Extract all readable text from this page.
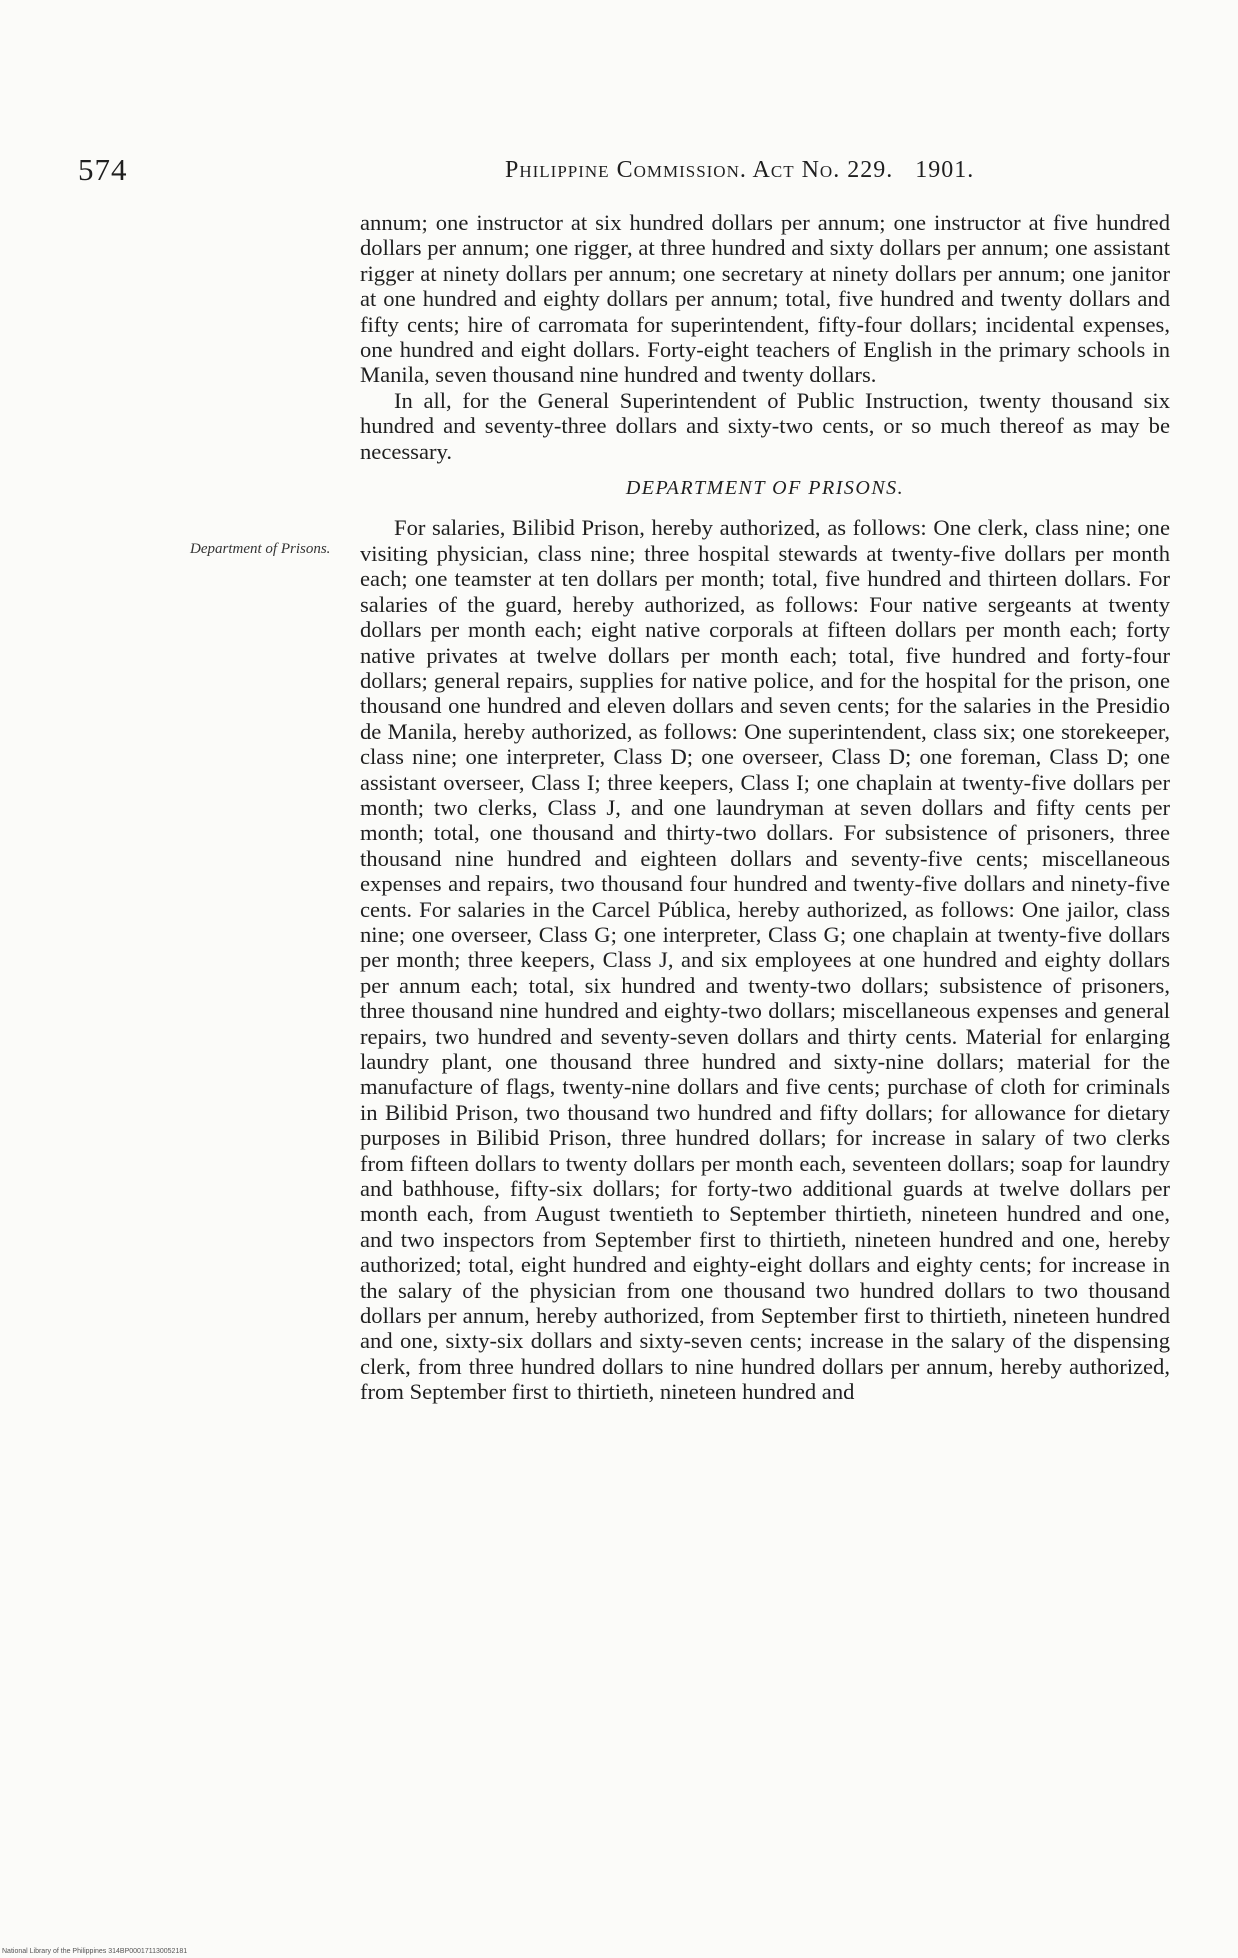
574	Philippine Commission. Act No. 229. 1901.
Department of Prisons.

annum; one instructor at six hundred dollars per annum; one instructor at five hundred dollars per annum; one rigger, at three hundred and sixty dollars per annum; one assistant rigger at ninety dollars per annum; one secretary at ninety dollars per annum; one janitor at one hundred and eighty dollars per annum; total, five hundred and twenty dollars and fifty cents; hire of carromata for superintendent, fifty-four dollars; incidental expenses, one hundred and eight dollars. Forty-eight teachers of English in the primary schools in Manila, seven thousand nine hundred and twenty dollars.

In all, for the General Superintendent of Public Instruction, twenty thousand six hundred and seventy-three dollars and sixty-two cents, or so much thereof as may be necessary.

DEPARTMENT OF PRISONS.

For salaries, Bilibid Prison, hereby authorized, as follows: One clerk, class nine; one visiting physician, class nine; three hospital stewards at twenty-five dollars per month each; one teamster at ten dollars per month; total, five hundred and thirteen dollars. For salaries of the guard, hereby authorized, as follows: Four native sergeants at twenty dollars per month each; eight native corporals at fifteen dollars per month each; forty native privates at twelve dollars per month each; total, five hundred and forty-four dollars; general repairs, supplies for native police, and for the hospital for the prison, one thousand one hundred and eleven dollars and seven cents; for the salaries in the Presidio de Manila, hereby authorized, as follows: One superintendent, class six; one storekeeper, class nine; one interpreter, Class D; one overseer, Class D; one foreman, Class D; one assistant overseer, Class I; three keepers, Class I; one chaplain at twenty-five dollars per month; two clerks, Class J, and one laundryman at seven dollars and fifty cents per month; total, one thousand and thirty-two dollars. For subsistence of prisoners, three thousand nine hundred and eighteen dollars and seventy-five cents; miscellaneous expenses and repairs, two thousand four hundred and twenty-five dollars and ninety-five cents. For salaries in the Carcel Pública, hereby authorized, as follows: One jailor, class nine; one overseer, Class G; one interpreter, Class G; one chaplain at twenty-five dollars per month; three keepers, Class J, and six employees at one hundred and eighty dollars per annum each; total, six hundred and twenty-two dollars; subsistence of prisoners, three thousand nine hundred and eighty-two dollars; miscellaneous expenses and general repairs, two hundred and seventy-seven dollars and thirty cents. Material for enlarging laundry plant, one thousand three hundred and sixty-nine dollars; material for the manufacture of flags, twenty-nine dollars and five cents; purchase of cloth for criminals in Bilibid Prison, two thousand two hundred and fifty dollars; for allowance for dietary purposes in Bilibid Prison, three hundred dollars; for increase in salary of two clerks from fifteen dollars to twenty dollars per month each, seventeen dollars; soap for laundry and bathhouse, fifty-six dollars; for forty-two additional guards at twelve dollars per month each, from August twentieth to September thirtieth, nineteen hundred and one, and two inspectors from September first to thirtieth, nineteen hundred and one, hereby authorized; total, eight hundred and eighty-eight dollars and eighty cents; for increase in the salary of the physician from one thousand two hundred dollars to two thousand dollars per annum, hereby authorized, from September first to thirtieth, nineteen hundred and one, sixty-six dollars and sixty-seven cents; increase in the salary of the dispensing clerk, from three hundred dollars to nine hundred dollars per annum, hereby authorized, from September first to thirtieth, nineteen hundred and

National Library of the Philippines 314BP000171130052181
